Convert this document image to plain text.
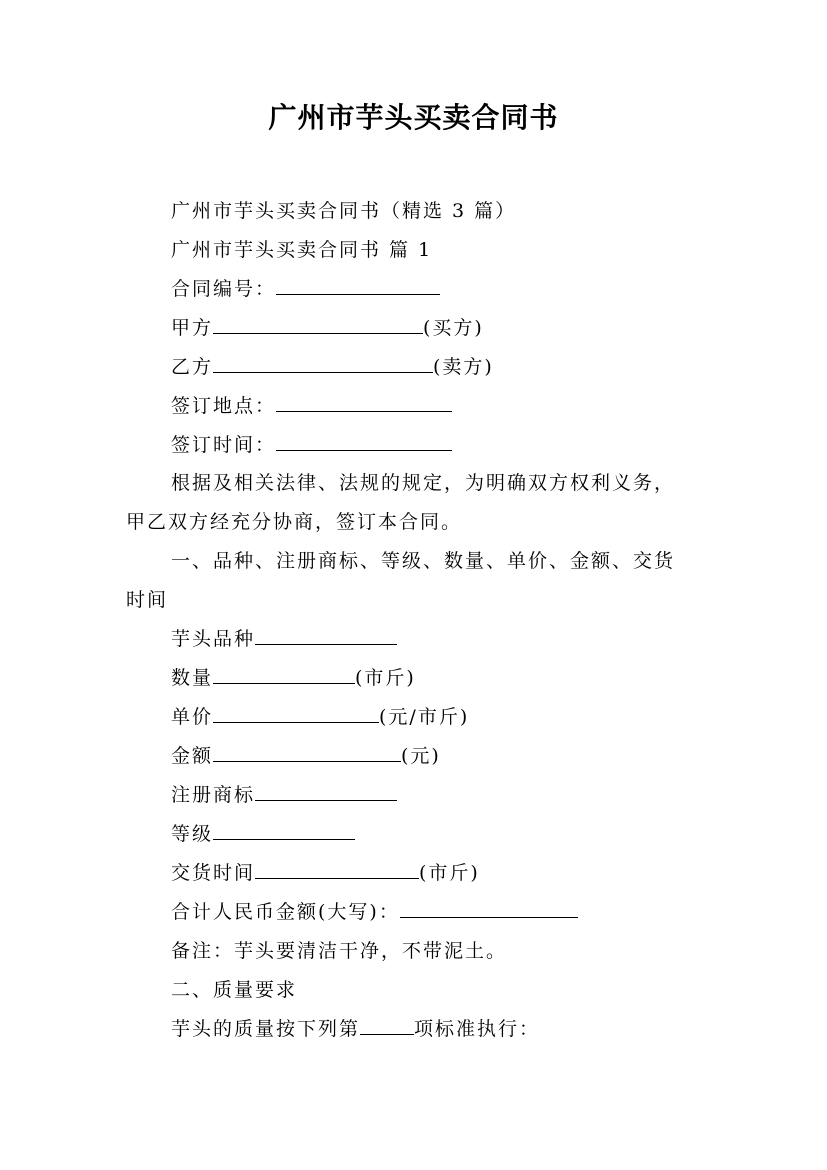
广州市芋头买卖合同书
广州市芋头买卖合同书（精选 3 篇）
广州市芋头买卖合同书 篇 1
合同编号：
甲方	(买方)
乙方	(卖方)
签订地点：
签订时间：
根据及相关法律、法规的规定，为明确双方权利义务，
甲乙双方经充分协商，签订本合同。
一、品种、注册商标、等级、数量、单价、金额、交货
时间
芋头品种
数量	(市斤)
单价	(元/市斤)
金额	(元)
注册商标
等级
交货时间	(市斤)
合计人民币金额(大写)：
备注：芋头要清洁干净，不带泥土。
二、质量要求
芋头的质量按下列第	项标准执行：
